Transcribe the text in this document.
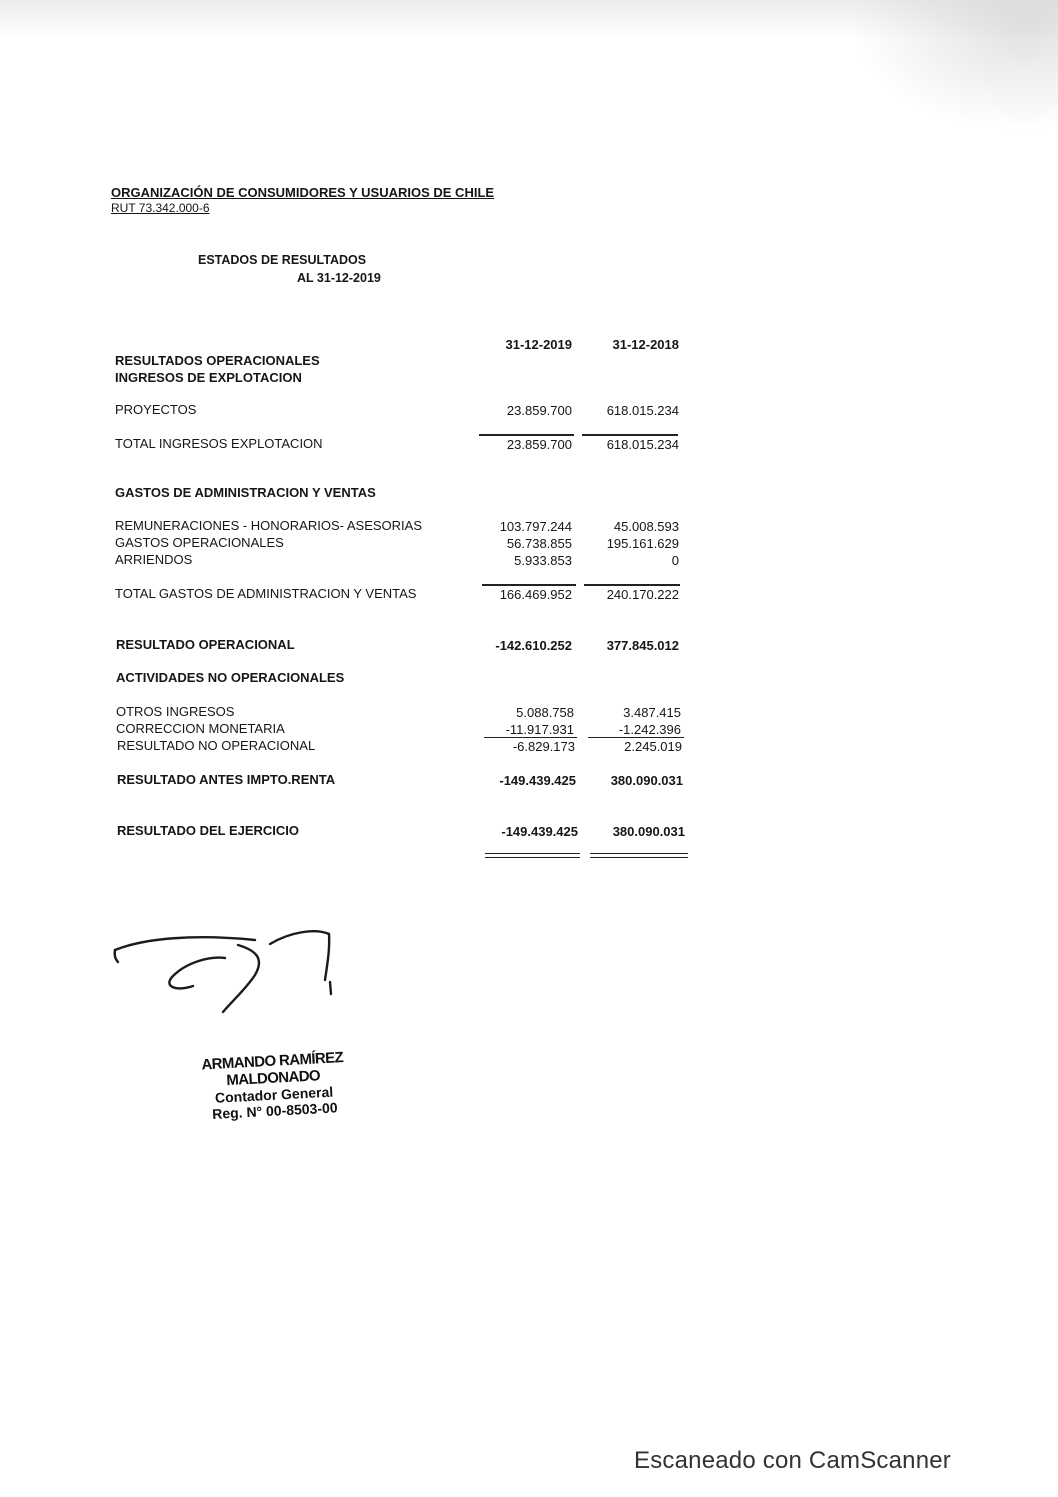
ORGANIZACIÓN DE CONSUMIDORES Y USUARIOS DE CHILE
RUT 73.342.000-6
ESTADOS DE RESULTADOS
AL 31-12-2019
31-12-2019	31-12-2018
RESULTADOS OPERACIONALES
INGRESOS DE EXPLOTACION
PROYECTOS	23.859.700	618.015.234
TOTAL INGRESOS EXPLOTACION	23.859.700	618.015.234
GASTOS DE ADMINISTRACION Y VENTAS
REMUNERACIONES - HONORARIOS- ASESORIAS	103.797.244	45.008.593
GASTOS OPERACIONALES	56.738.855	195.161.629
ARRIENDOS	5.933.853	0
TOTAL GASTOS DE ADMINISTRACION Y VENTAS	166.469.952	240.170.222
RESULTADO OPERACIONAL	-142.610.252	377.845.012
ACTIVIDADES NO OPERACIONALES
OTROS INGRESOS	5.088.758	3.487.415
CORRECCION MONETARIA	-11.917.931	-1.242.396
RESULTADO NO OPERACIONAL	-6.829.173	2.245.019
RESULTADO ANTES IMPTO.RENTA	-149.439.425	380.090.031
RESULTADO DEL EJERCICIO	-149.439.425	380.090.031
ARMANDO RAMÍREZ MALDONADO
Contador General
Reg. N° 00-8503-00
Escaneado con CamScanner
